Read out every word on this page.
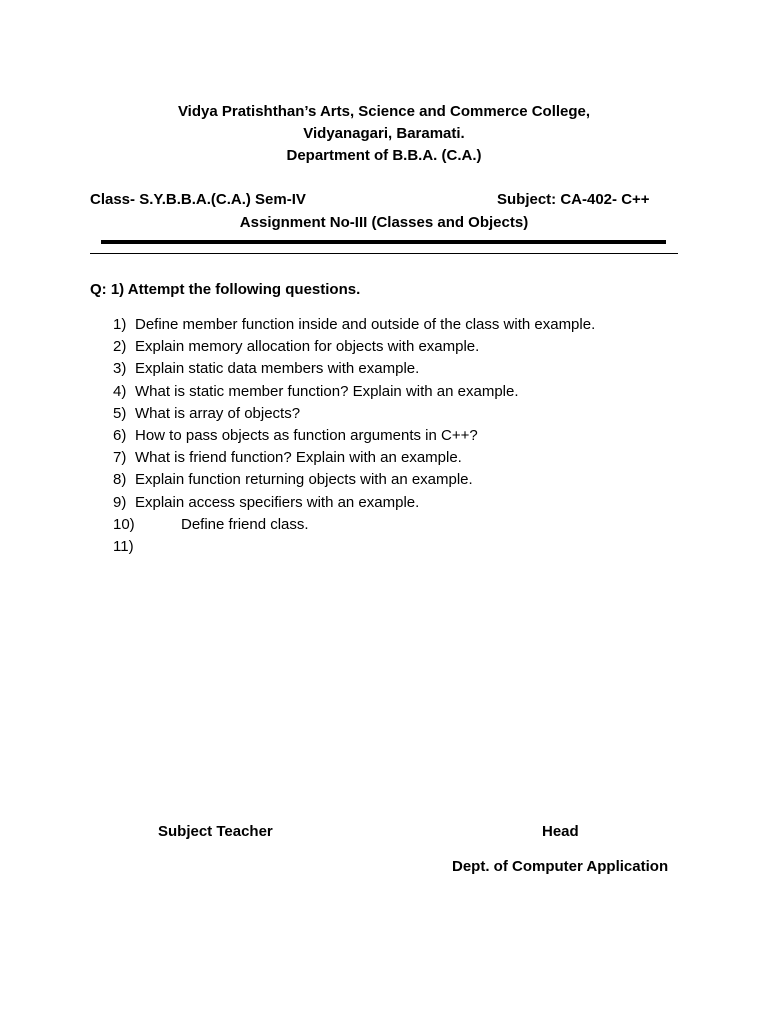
Vidya Pratishthan’s Arts, Science and Commerce College,
Vidyanagari, Baramati.
Department of B.B.A. (C.A.)
Class- S.Y.B.B.A.(C.A.) Sem-IV	Subject: CA-402- C++
Assignment No-III (Classes and Objects)
Q: 1) Attempt the following questions.
1) Define member function inside and outside of the class with example.
2) Explain memory allocation for objects with example.
3) Explain static data members with example.
4) What is static member function? Explain with an example.
5) What is array of objects?
6) How to pass objects as function arguments in C++?
7) What is friend function? Explain with an example.
8) Explain function returning objects with an example.
9) Explain access specifiers with an example.
10)	Define friend class.
11)
Subject Teacher	Head
Dept. of Computer Application
